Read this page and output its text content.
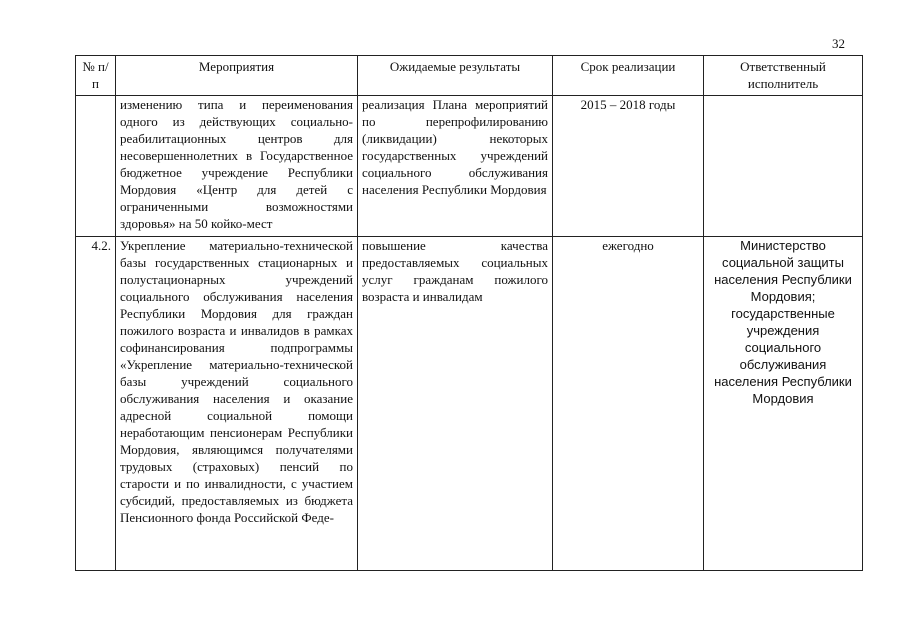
32
№ п/п	Мероприятия	Ожидаемые результаты	Срок реализации	Ответственный исполнитель
	изменению типа и переименования одного из действующих социально-реабилитационных центров для несовершеннолетних в Государственное бюджетное учреждение Республики Мордовия «Центр для детей с ограниченными возможностями здоровья» на 50 койко-мест	реализация Плана мероприятий по перепрофилированию (ликвидации) некоторых государственных учреждений социального обслуживания населения Республики Мордовия	2015 – 2018 годы	
4.2.	Укрепление материально-технической базы государственных стационарных и полустационарных учреждений социального обслуживания населения Республики Мордовия для граждан пожилого возраста и инвалидов в рамках софинансирования подпрограммы «Укрепление материально-технической базы учреждений социального обслуживания населения и оказание адресной социальной помощи неработающим пенсионерам Республики Мордовия, являющимся получателями трудовых (страховых) пенсий по старости и по инвалидности, с участием субсидий, предоставляемых из бюджета Пенсионного фонда Российской Феде-	повышение качества предоставляемых социальных услуг гражданам пожилого возраста и инвалидам	ежегодно	Министерство социальной защиты населения Республики Мордовия; государственные учреждения социального обслуживания населения Республики Мордовия
